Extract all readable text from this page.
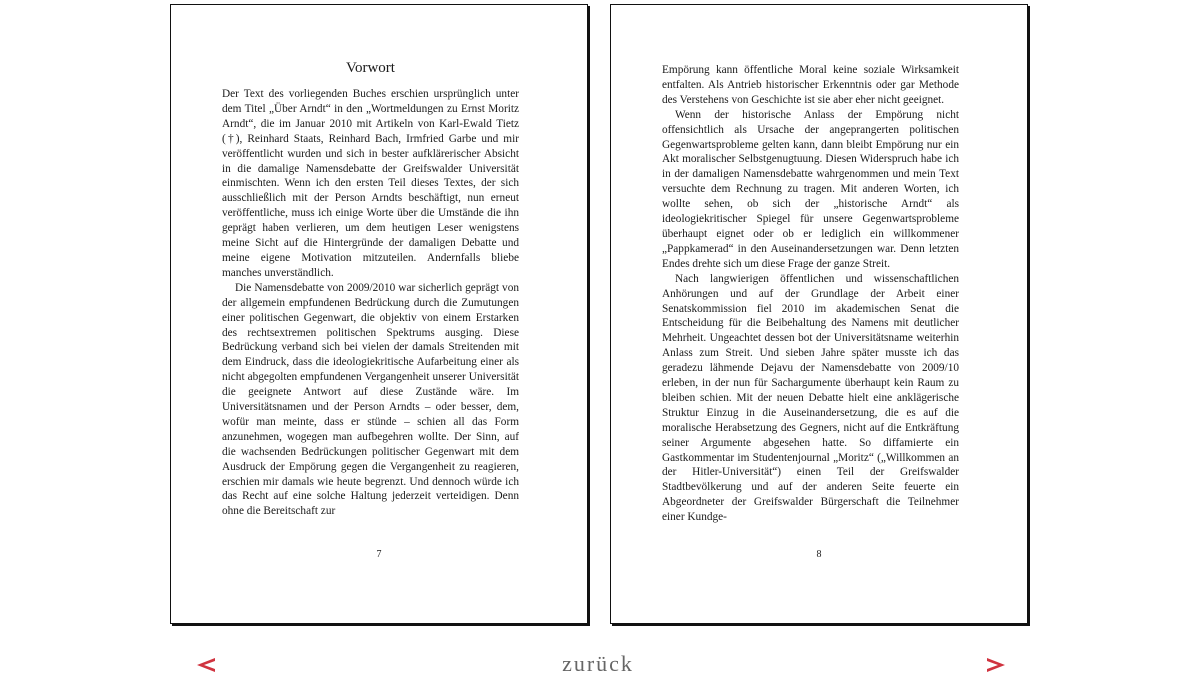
Vorwort

Der Text des vorliegenden Buches erschien ursprünglich unter dem Titel „Über Arndt“ in den „Wortmeldungen zu Ernst Moritz Arndt“, die im Januar 2010 mit Artikeln von Karl-Ewald Tietz (†), Reinhard Staats, Reinhard Bach, Irmfried Garbe und mir veröffentlicht wurden und sich in bester aufklärerischer Absicht in die damalige Namensdebatte der Greifswalder Universität einmischten. Wenn ich den ersten Teil dieses Textes, der sich ausschließlich mit der Person Arndts beschäftigt, nun erneut veröffentliche, muss ich einige Worte über die Umstände die ihn geprägt haben verlieren, um dem heutigen Leser wenigstens meine Sicht auf die Hintergründe der damaligen Debatte und meine eigene Motivation mitzuteilen. Andernfalls bliebe manches unverständlich.

Die Namensdebatte von 2009/2010 war sicherlich geprägt von der allgemein empfundenen Bedrückung durch die Zumutungen einer politischen Gegenwart, die objektiv von einem Erstarken des rechtsextremen politischen Spektrums ausging. Diese Bedrückung verband sich bei vielen der damals Streitenden mit dem Eindruck, dass die ideologiekritische Aufarbeitung einer als nicht abgegolten empfundenen Vergangenheit unserer Universität die geeignete Antwort auf diese Zustände wäre. Im Universitätsnamen und der Person Arndts – oder besser, dem, wofür man meinte, dass er stünde – schien all das Form anzunehmen, wogegen man aufbegehren wollte. Der Sinn, auf die wachsenden Bedrückungen politischer Gegenwart mit dem Ausdruck der Empörung gegen die Vergangenheit zu reagieren, erschien mir damals wie heute begrenzt. Und dennoch würde ich das Recht auf eine solche Haltung jederzeit verteidigen. Denn ohne die Bereitschaft zur

7

Empörung kann öffentliche Moral keine soziale Wirksamkeit entfalten. Als Antrieb historischer Erkenntnis oder gar Methode des Verstehens von Geschichte ist sie aber eher nicht geeignet.

Wenn der historische Anlass der Empörung nicht offensichtlich als Ursache der angeprangerten politischen Gegenwartsprobleme gelten kann, dann bleibt Empörung nur ein Akt moralischer Selbstgenugtuung. Diesen Widerspruch habe ich in der damaligen Namensdebatte wahrgenommen und mein Text versuchte dem Rechnung zu tragen. Mit anderen Worten, ich wollte sehen, ob sich der „historische Arndt“ als ideologiekritischer Spiegel für unsere Gegenwartsprobleme überhaupt eignet oder ob er lediglich ein willkommener „Pappkamerad“ in den Auseinandersetzungen war. Denn letzten Endes drehte sich um diese Frage der ganze Streit.

Nach langwierigen öffentlichen und wissenschaftlichen Anhörungen und auf der Grundlage der Arbeit einer Senatskommission fiel 2010 im akademischen Senat die Entscheidung für die Beibehaltung des Namens mit deutlicher Mehrheit. Ungeachtet dessen bot der Universitätsname weiterhin Anlass zum Streit. Und sieben Jahre später musste ich das geradezu lähmende Dejavu der Namensdebatte von 2009/10 erleben, in der nun für Sachargumente überhaupt kein Raum zu bleiben schien. Mit der neuen Debatte hielt eine anklägerische Struktur Einzug in die Auseinandersetzung, die es auf die moralische Herabsetzung des Gegners, nicht auf die Entkräftung seiner Argumente abgesehen hatte. So diffamierte ein Gastkommentar im Studentenjournal „Moritz“ („Willkommen an der Hitler-Universität“) einen Teil der Greifswalder Stadtbevölkerung und auf der anderen Seite feuerte ein Abgeordneter der Greifswalder Bürgerschaft die Teilnehmer einer Kundge-

8
zurück
